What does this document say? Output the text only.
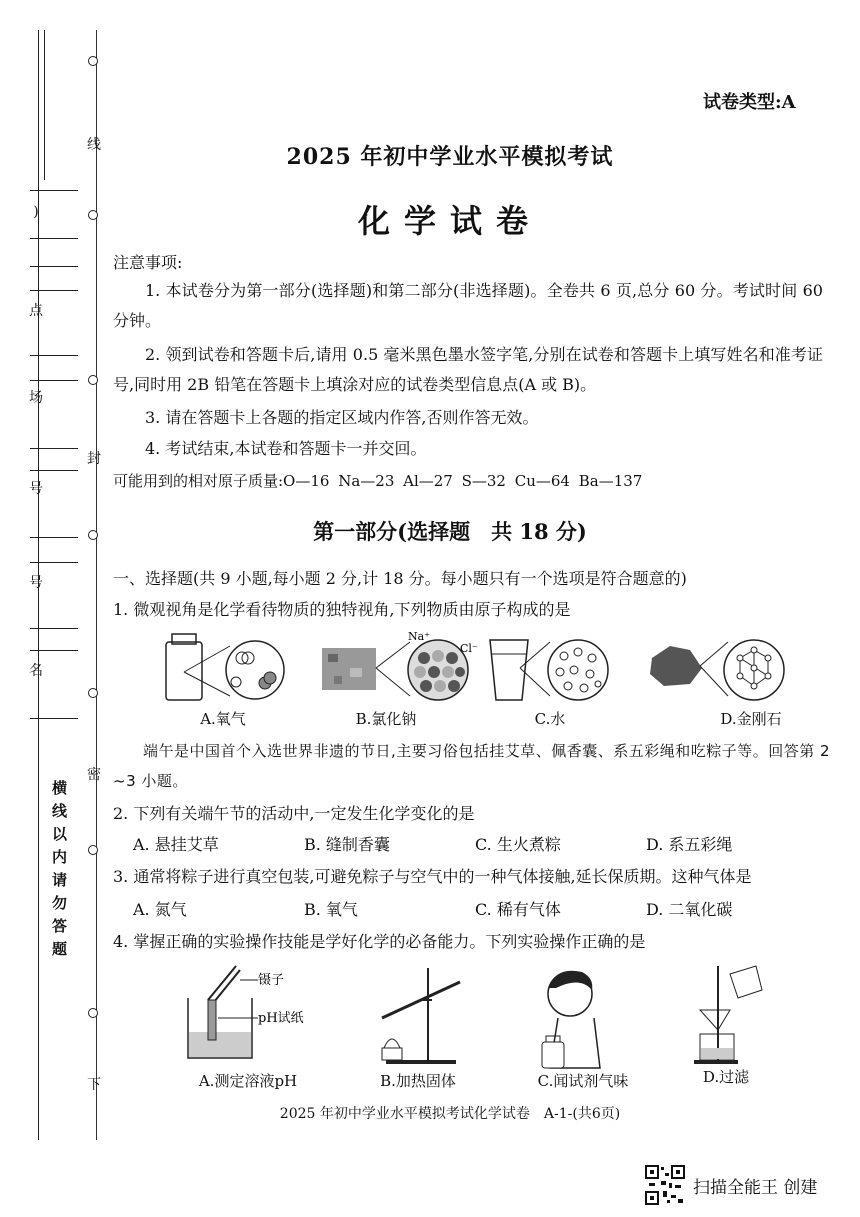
线
封
密
)
点
场
号
号
名
横线以内请勿答题
下
试卷类型:A
2025 年初中学业水平模拟考试
化学试卷
注意事项:
1. 本试卷分为第一部分(选择题)和第二部分(非选择题)。全卷共 6 页,总分 60 分。考试时间 60 分钟。
2. 领到试卷和答题卡后,请用 0.5 毫米黑色墨水签字笔,分别在试卷和答题卡上填写姓名和准考证号,同时用 2B 铅笔在答题卡上填涂对应的试卷类型信息点(A 或 B)。
3. 请在答题卡上各题的指定区域内作答,否则作答无效。
4. 考试结束,本试卷和答题卡一并交回。
可能用到的相对原子质量:O—16 Na—23 Al—27 S—32 Cu—64 Ba—137
第一部分(选择题　共 18 分)
一、选择题(共 9 小题,每小题 2 分,计 18 分。每小题只有一个选项是符合题意的)
1. 微观视角是化学看待物质的独特视角,下列物质由原子构成的是
Na⁺
Cl⁻
A.氧气	B.氯化钠	C.水	D.金刚石
端午是中国首个入选世界非遗的节日,主要习俗包括挂艾草、佩香囊、系五彩绳和吃粽子等。回答第 2 ~3 小题。
2. 下列有关端午节的活动中,一定发生化学变化的是
A. 悬挂艾草	B. 缝制香囊	C. 生火煮粽	D. 系五彩绳
3. 通常将粽子进行真空包装,可避免粽子与空气中的一种气体接触,延长保质期。这种气体是
A. 氮气	B. 氧气	C. 稀有气体	D. 二氧化碳
4. 掌握正确的实验操作技能是学好化学的必备能力。下列实验操作正确的是
镊子
pH试纸
A.测定溶液pH	B.加热固体	C.闻试剂气味	D.过滤
2025 年初中学业水平模拟考试化学试卷　A-1-(共6页)
扫描全能王 创建
